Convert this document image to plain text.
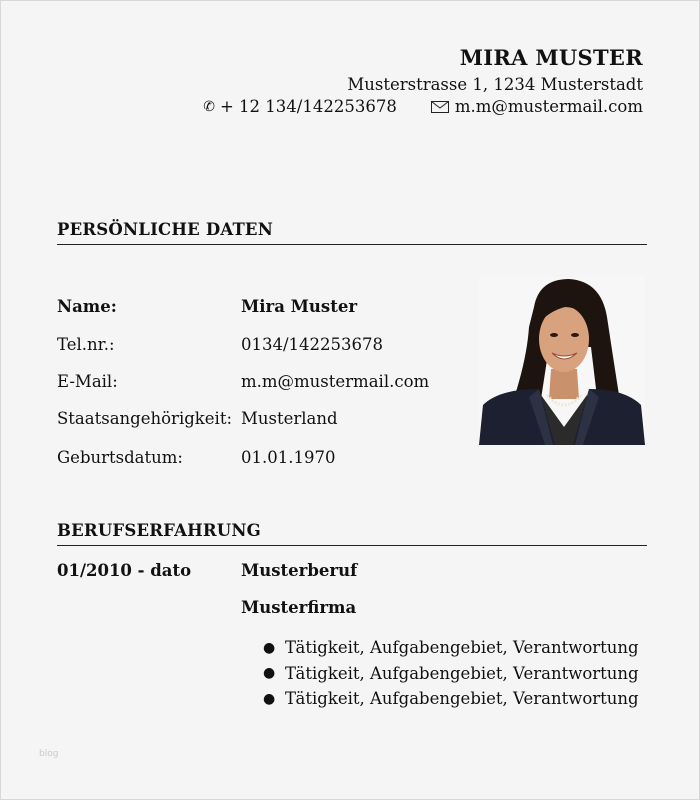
MIRA MUSTER
Musterstrasse 1, 1234 Musterstadt
✆ + 12 134/142253678	m.m@mustermail.com
PERSÖNLICHE DATEN
Name:	Mira Muster
Tel.nr.:	0134/142253678
E-Mail:	m.m@mustermail.com
Staatsangehörigkeit: Musterland
Geburtsdatum:	01.01.1970
BERUFSERFAHRUNG
01/2010 - dato	Musterberuf
Musterfirma
● Tätigkeit, Aufgabengebiet, Verantwortung
● Tätigkeit, Aufgabengebiet, Verantwortung
● Tätigkeit, Aufgabengebiet, Verantwortung
blog
